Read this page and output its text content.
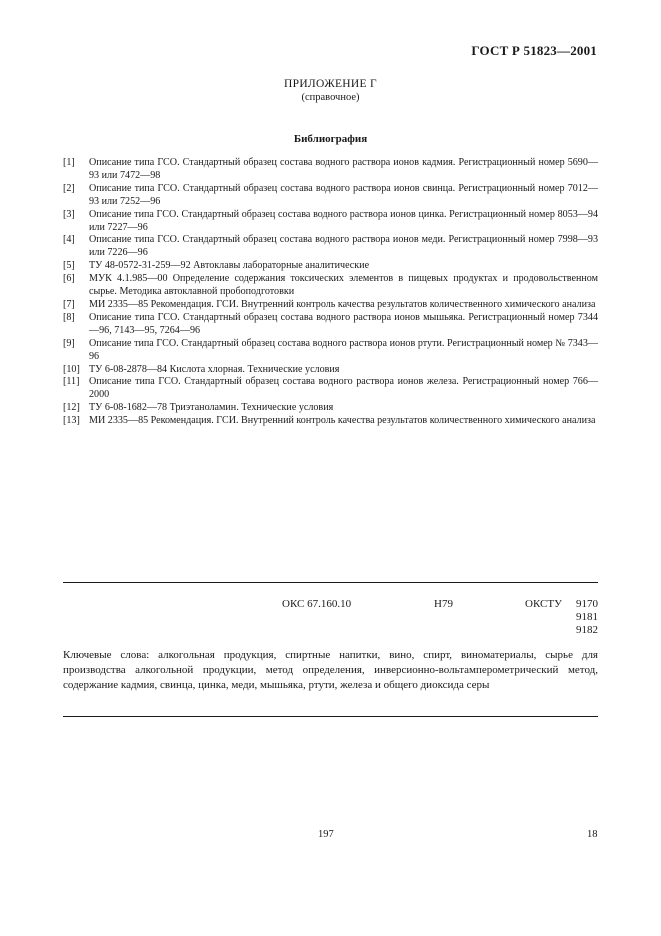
ГОСТ Р 51823—2001
ПРИЛОЖЕНИЕ Г
(справочное)
Библиография
[1]	Описание типа ГСО. Стандартный образец состава водного раствора ионов кадмия. Регистрационный номер 5690—93 или 7472—98
[2]	Описание типа ГСО. Стандартный образец состава водного раствора ионов свинца. Регистрационный номер 7012—93 или 7252—96
[3]	Описание типа ГСО. Стандартный образец состава водного раствора ионов цинка. Регистрационный номер 8053—94 или 7227—96
[4]	Описание типа ГСО. Стандартный образец состава водного раствора ионов меди. Регистрационный номер 7998—93 или 7226—96
[5]	ТУ 48-0572-31-259—92 Автоклавы лабораторные аналитические
[6]	МУК 4.1.985—00 Определение содержания токсических элементов в пищевых продуктах и продовольственном сырье. Методика автоклавной пробоподготовки
[7]	МИ 2335—85 Рекомендация. ГСИ. Внутренний контроль качества результатов количественного химического анализа
[8]	Описание типа ГСО. Стандартный образец состава водного раствора ионов мышьяка. Регистрационный номер 7344—96, 7143—95, 7264—96
[9]	Описание типа ГСО. Стандартный образец состава водного раствора ионов ртути. Регистрационный номер № 7343—96
[10] ТУ 6-08-2878—84 Кислота хлорная. Технические условия
[11] Описание типа ГСО. Стандартный образец состава водного раствора ионов железа. Регистрационный номер 766—2000
[12] ТУ 6-08-1682—78 Триэтаноламин. Технические условия
[13] МИ 2335—85 Рекомендация. ГСИ. Внутренний контроль качества результатов количественного химического анализа
ОКС 67.160.10	Н79	ОКСТУ 9170
9181
9182
Ключевые слова: алкогольная продукция, спиртные напитки, вино, спирт, виноматериалы, сырье для производства алкогольной продукции, метод определения, инверсионно-вольтамперометрический метод, содержание кадмия, свинца, цинка, меди, мышьяка, ртути, железа и общего диоксида серы
197	18
